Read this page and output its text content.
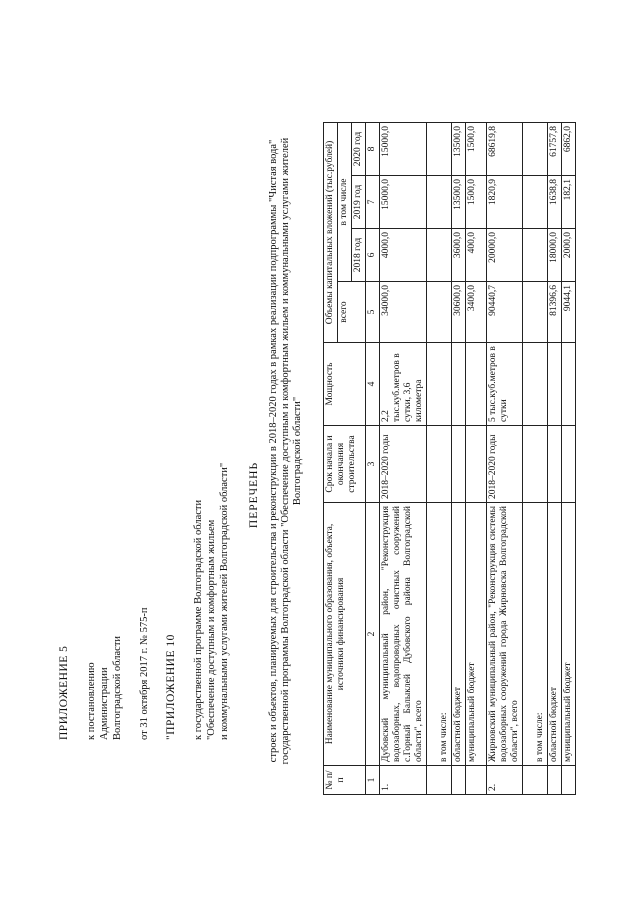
ПРИЛОЖЕНИЕ 5 к постановлению Администрации Волгоградской области от 31 октября 2017 г. № 575-п "ПРИЛОЖЕНИЕ 10 к государственной программе Волгоградской области "Обеспечение доступным и комфортным жильем и коммунальными услугами жителей Волгоградской области" ПЕРЕЧЕНЬ строек и объектов, планируемых для строительства и реконструкции в 2018–2020 годах в рамках реализации подпрограммы "Чистая вода" государственной программы Волгоградской области "Обеспечение доступным и комфортным жильем и коммунальными услугами жителей Волгоградской области"
№ п/п	Наименование муниципального образования, объекта, источники финансирования	Срок начала и окончания строительства	Мощность	Объемы капитальных вложений (тыс.рублей)			
				всего	в том числе		
					2018 год	2019 год	2020 год
1	2	3	4	5	6	7	8
1.	Дубовский муниципальный район, "Реконструкция водозаборных, водопроводных очистных сооружений с.Горный Балыклей Дубовского района Волгоградской области", всего	2018–2020 годы	2,2 тыс.куб.метров в сутки, 3,6 километра	34000,0	4000,0	15000,0	15000,0
	в том числе:						
	областной бюджет			30600,0	3600,0	13500,0	13500,0
	муниципальный бюджет			3400,0	400,0	1500,0	1500,0
2.	Жирновский муниципальный район, "Реконструкция системы водозаборных сооружений города Жирновска Волгоградской области", всего	2018–2020 годы	5 тыс.куб.метров в сутки	90440,7	20000,0	1820,9	68619,8
	в том числе:						
	областной бюджет			81396,6	18000,0	1638,8	61757,8
	муниципальный бюджет			9044,1	2000,0	182,1	6862,0
